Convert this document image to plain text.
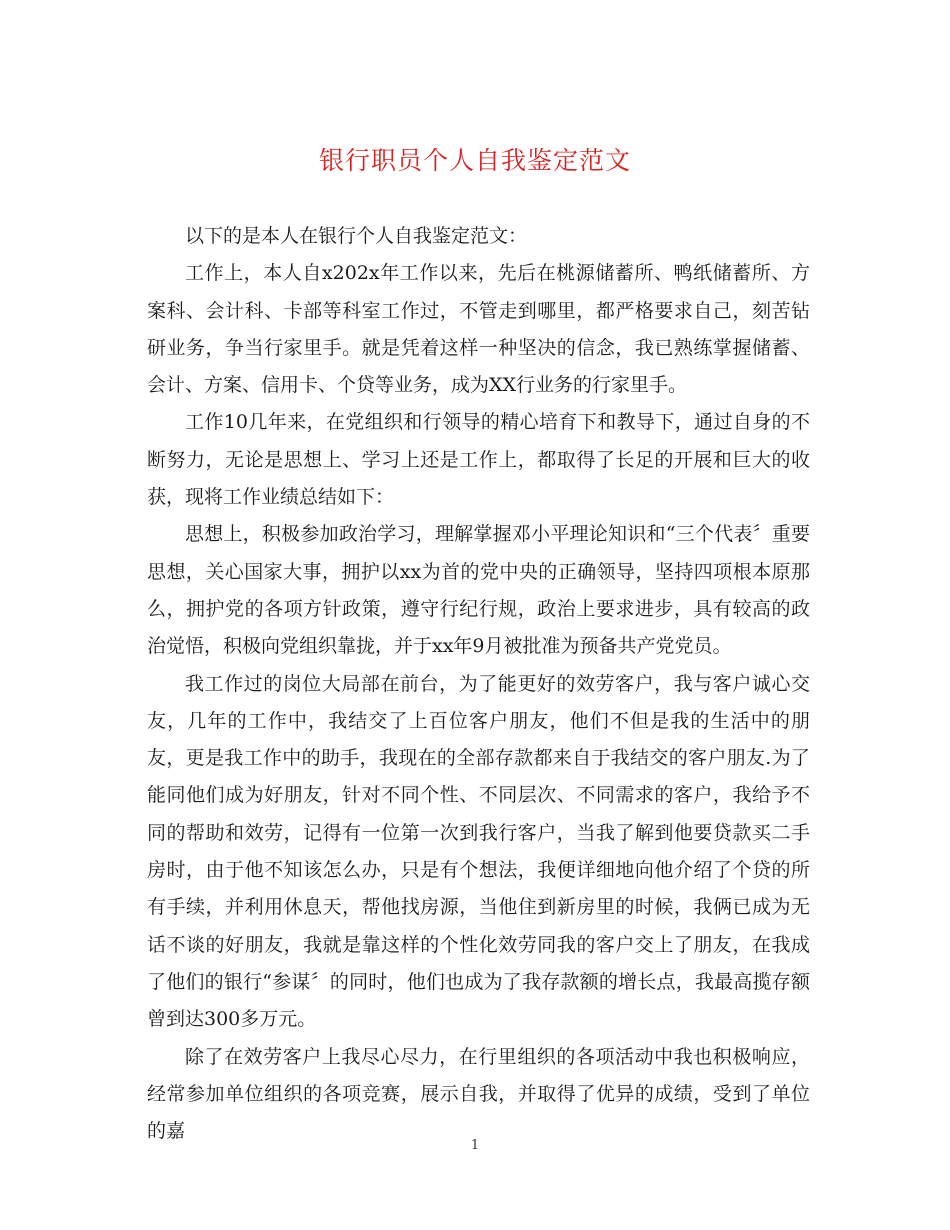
银行职员个人自我鉴定范文

以下的是本人在银行个人自我鉴定范文：

工作上，本人自x202x年工作以来，先后在桃源储蓄所、鸭纸储蓄所、方案科、会计科、卡部等科室工作过，不管走到哪里，都严格要求自己，刻苦钻研业务，争当行家里手。就是凭着这样一种坚决的信念，我已熟练掌握储蓄、会计、方案、信用卡、个贷等业务，成为XX行业务的行家里手。

工作10几年来，在党组织和行领导的精心培育下和教导下，通过自身的不断努力，无论是思想上、学习上还是工作上，都取得了长足的开展和巨大的收获，现将工作业绩总结如下：

思想上，积极参加政治学习，理解掌握邓小平理论知识和“三个代表〞重要思想，关心国家大事，拥护以xx为首的党中央的正确领导，坚持四项根本原那么，拥护党的各项方针政策，遵守行纪行规，政治上要求进步，具有较高的政治觉悟，积极向党组织靠拢，并于xx年9月被批准为预备共产党党员。

我工作过的岗位大局部在前台，为了能更好的效劳客户，我与客户诚心交友，几年的工作中，我结交了上百位客户朋友，他们不但是我的生活中的朋友，更是我工作中的助手，我现在的全部存款都来自于我结交的客户朋友.为了能同他们成为好朋友，针对不同个性、不同层次、不同需求的客户，我给予不同的帮助和效劳，记得有一位第一次到我行客户，当我了解到他要贷款买二手房时，由于他不知该怎么办，只是有个想法，我便详细地向他介绍了个贷的所有手续，并利用休息天，帮他找房源，当他住到新房里的时候，我俩已成为无话不谈的好朋友，我就是靠这样的个性化效劳同我的客户交上了朋友，在我成了他们的银行“参谋〞的同时，他们也成为了我存款额的增长点，我最高揽存额曾到达300多万元。

除了在效劳客户上我尽心尽力，在行里组织的各项活动中我也积极响应，经常参加单位组织的各项竞赛，展示自我，并取得了优异的成绩，受到了单位的嘉

1
